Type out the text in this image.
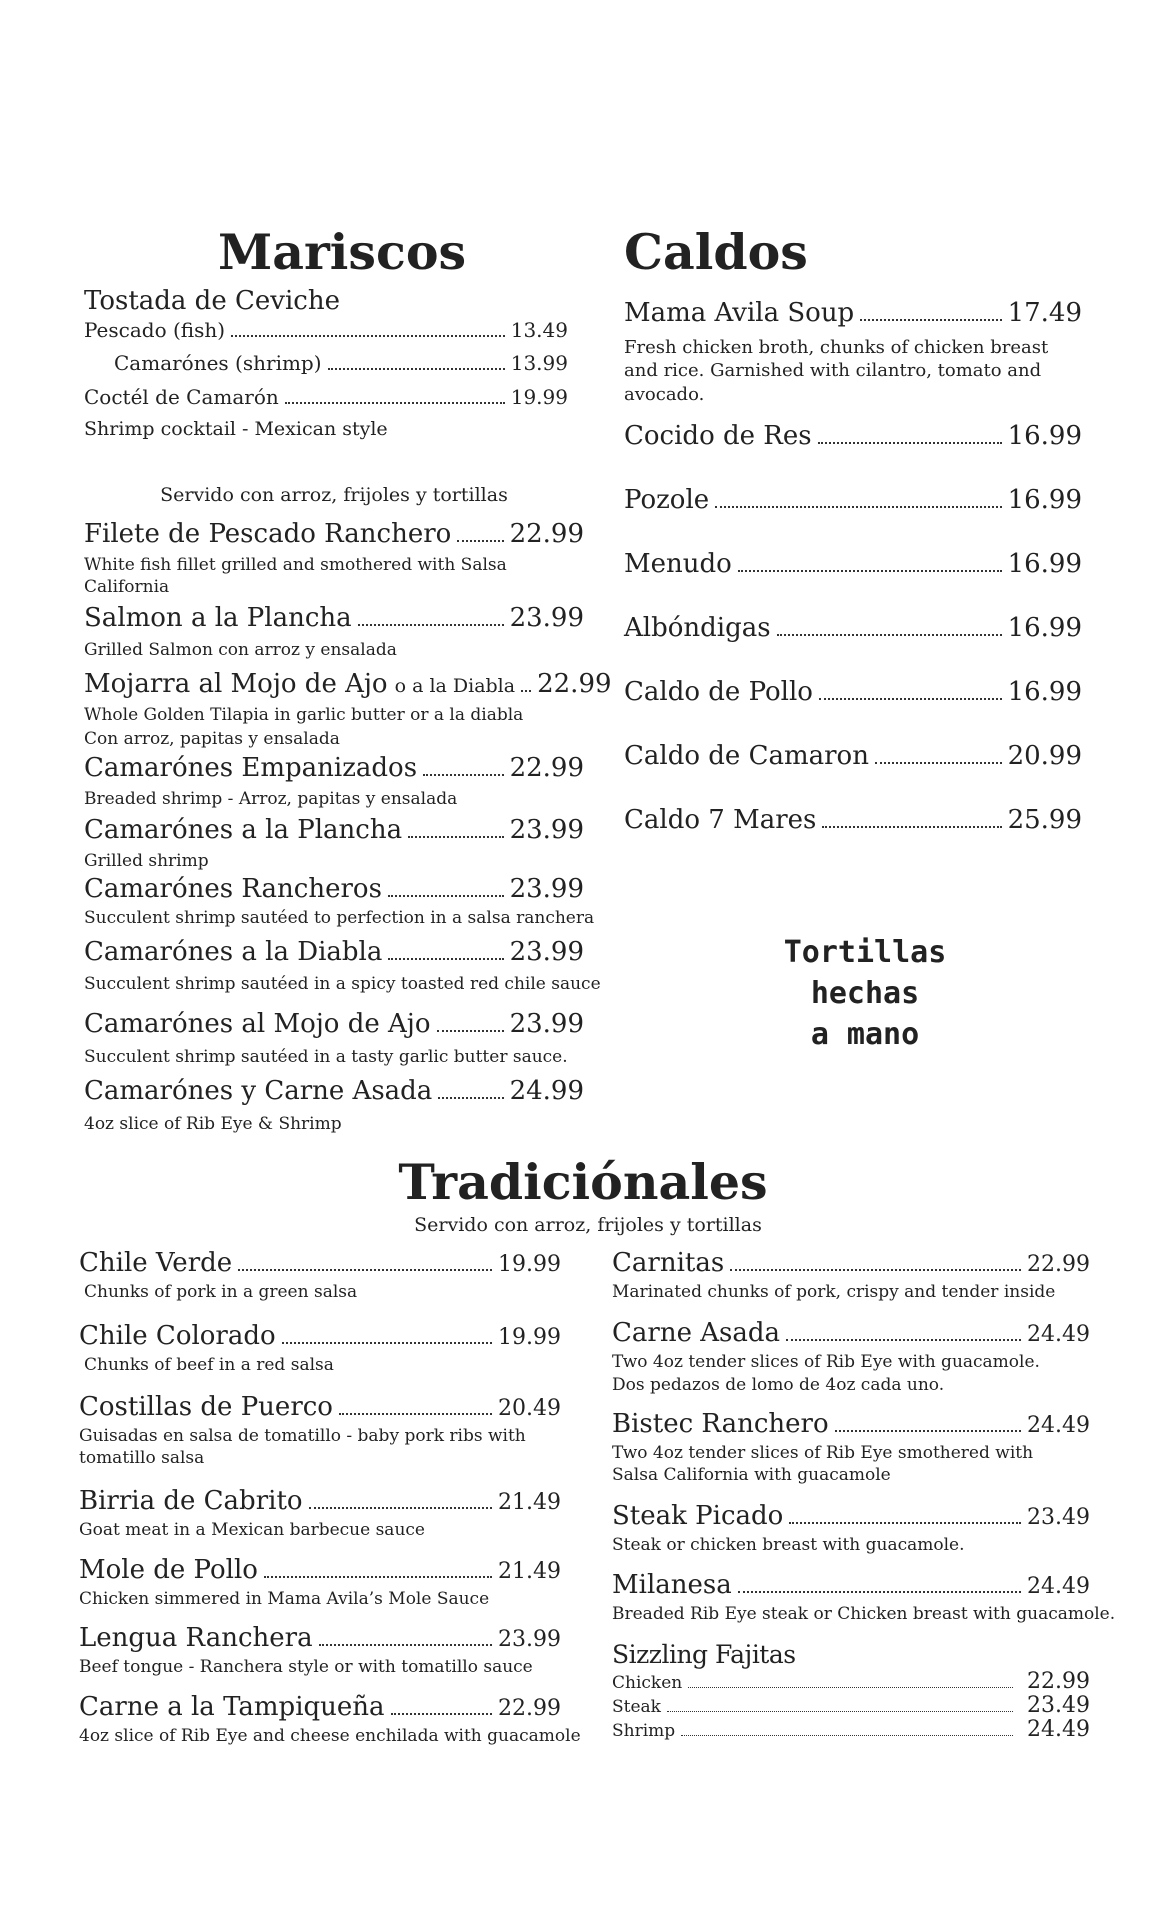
Mariscos
Tostada de Ceviche
Pescado (fish)	13.49
Camarónes (shrimp)	13.99
Coctél de Camarón	19.99
Shrimp cocktail - Mexican style
Servido con arroz, frijoles y tortillas
Filete de Pescado Ranchero 22.99
White fish fillet grilled and smothered with Salsa California
Salmon a la Plancha	23.99
Grilled Salmon con arroz y ensalada
Mojarra al Mojo de Ajo o a la Diabla 22.99
Whole Golden Tilapia in garlic butter or a la diabla
Con arroz, papitas y ensalada
Camarónes Empanizados	22.99
Breaded shrimp - Arroz, papitas y ensalada
Camarónes a la Plancha	23.99
Grilled shrimp
Camarónes Rancheros	23.99
Succulent shrimp sautéed to perfection in a salsa ranchera
Camarónes a la Diabla	23.99
Succulent shrimp sautéed in a spicy toasted red chile sauce
Camarónes al Mojo de Ajo	23.99
Succulent shrimp sautéed in a tasty garlic butter sauce.
Camarónes y Carne Asada	24.99
4oz slice of Rib Eye & Shrimp
Caldos
Mama Avila Soup	17.49
Fresh chicken broth, chunks of chicken breast and rice. Garnished with cilantro, tomato and avocado.
Cocido de Res	16.99
Pozole	16.99
Menudo	16.99
Albóndigas	16.99
Caldo de Pollo	16.99
Caldo de Camaron	20.99
Caldo 7 Mares	25.99
Tortillas
hechas
a mano
Tradiciónales
Servido con arroz, frijoles y tortillas
Chile Verde	19.99
Chunks of pork in a green salsa
Chile Colorado	19.99
Chunks of beef in a red salsa
Costillas de Puerco	20.49
Guisadas en salsa de tomatillo - baby pork ribs with tomatillo salsa
Birria de Cabrito	21.49
Goat meat in a Mexican barbecue sauce
Mole de Pollo	21.49
Chicken simmered in Mama Avila’s Mole Sauce
Lengua Ranchera	23.99
Beef tongue - Ranchera style or with tomatillo sauce
Carne a la Tampiqueña	22.99
4oz slice of Rib Eye and cheese enchilada with guacamole
Carnitas	22.99
Marinated chunks of pork, crispy and tender inside
Carne Asada	24.49
Two 4oz tender slices of Rib Eye with guacamole.
Dos pedazos de lomo de 4oz cada uno.
Bistec Ranchero	24.49
Two 4oz tender slices of Rib Eye smothered with Salsa California with guacamole
Steak Picado	23.49
Steak or chicken breast with guacamole.
Milanesa	24.49
Breaded Rib Eye steak or Chicken breast with guacamole.
Sizzling Fajitas
Chicken	22.99
Steak	23.49
Shrimp	24.49
